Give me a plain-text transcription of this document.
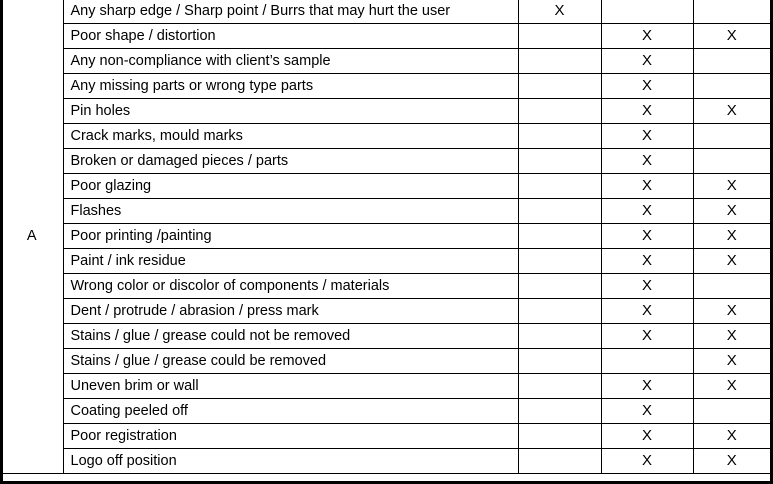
A	Any sharp edge / Sharp point / Burrs that may hurt the user	X		
	Poor shape / distortion		X	X
	Any non-compliance with client’s sample		X	
	Any missing parts or wrong type parts		X	
	Pin holes		X	X
	Crack marks, mould marks		X	
	Broken or damaged pieces / parts		X	
	Poor glazing		X	X
	Flashes		X	X
	Poor printing /painting		X	X
	Paint / ink residue		X	X
	Wrong color or discolor of components / materials		X	
	Dent / protrude / abrasion / press mark		X	X
	Stains / glue / grease could not be removed		X	X
	Stains / glue / grease could be removed			X
	Uneven brim or wall		X	X
	Coating peeled off		X	
	Poor registration		X	X
	Logo off position		X	X
